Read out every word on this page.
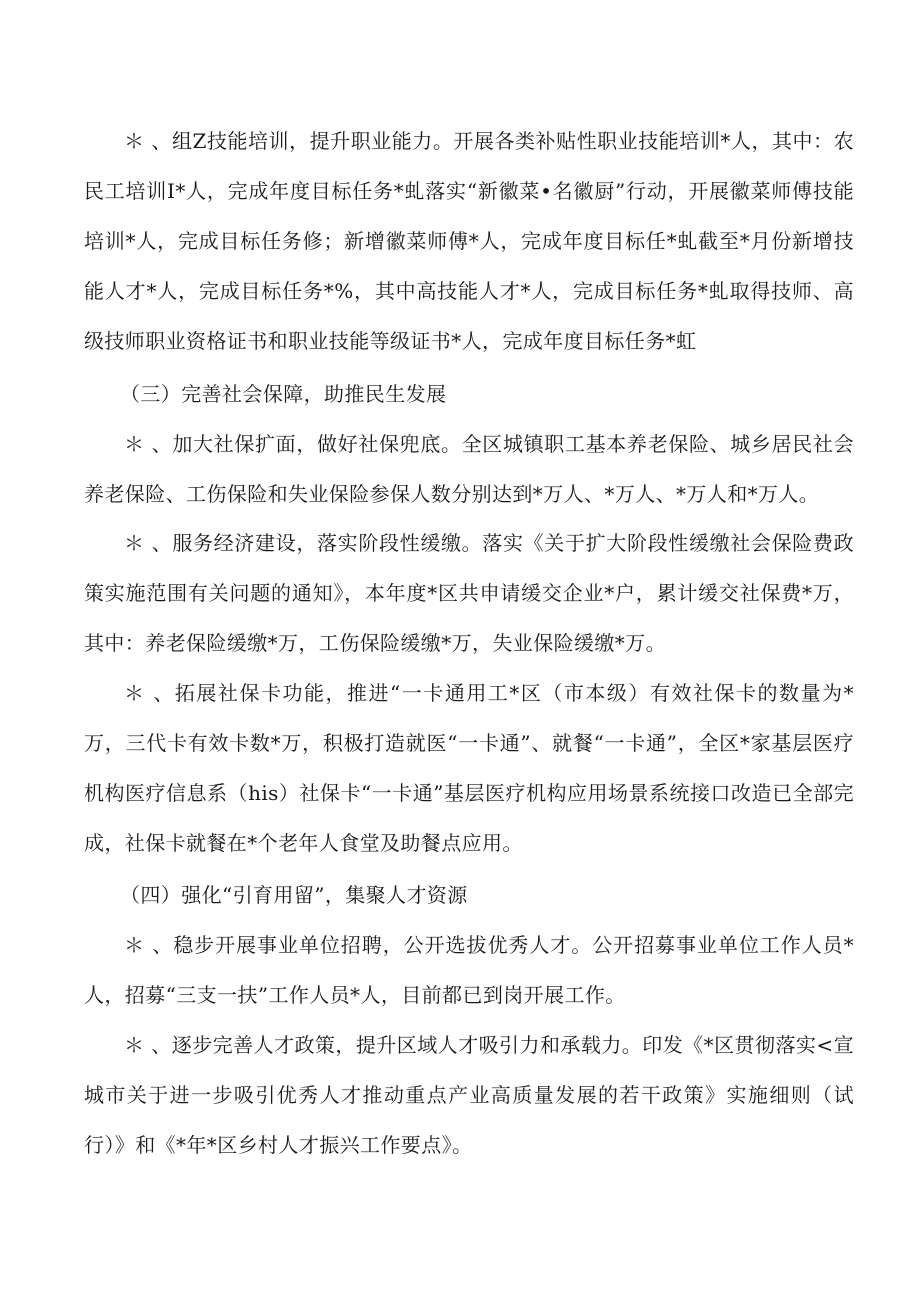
＊ 、组Z技能培训，提升职业能力。开展各类补贴性职业技能培训*人，其中：农民工培训I*人，完成年度目标任务*虬落实“新徽菜•名徽厨”行动，开展徽菜师傅技能培训*人，完成目标任务修；新增徽菜师傅*人，完成年度目标任*虬截至*月份新增技能人才*人，完成目标任务*%，其中高技能人才*人，完成目标任务*虬取得技师、高级技师职业资格证书和职业技能等级证书*人，完成年度目标任务*虹

（三）完善社会保障，助推民生发展

＊ 、加大社保扩面，做好社保兜底。全区城镇职工基本养老保险、城乡居民社会养老保险、工伤保险和失业保险参保人数分别达到*万人、*万人、*万人和*万人。

＊ 、服务经济建设，落实阶段性缓缴。落实《关于扩大阶段性缓缴社会保险费政策实施范围有关问题的通知》，本年度*区共申请缓交企业*户，累计缓交社保费*万，其中：养老保险缓缴*万，工伤保险缓缴*万，失业保险缓缴*万。

＊ 、拓展社保卡功能，推进“一卡通用工*区（市本级）有效社保卡的数量为*万，三代卡有效卡数*万，积极打造就医“一卡通”、就餐“一卡通”，全区*家基层医疗机构医疗信息系（his）社保卡“一卡通”基层医疗机构应用场景系统接口改造已全部完成，社保卡就餐在*个老年人食堂及助餐点应用。

（四）强化“引育用留”，集聚人才资源

＊ 、稳步开展事业单位招聘，公开选拔优秀人才。公开招募事业单位工作人员*人，招募“三支一扶”工作人员*人，目前都已到岗开展工作。

＊ 、逐步完善人才政策，提升区域人才吸引力和承载力。印发《*区贯彻落实<宣城市关于进一步吸引优秀人才推动重点产业高质量发展的若干政策》实施细则（试行）》和《*年*区乡村人才振兴工作要点》。
